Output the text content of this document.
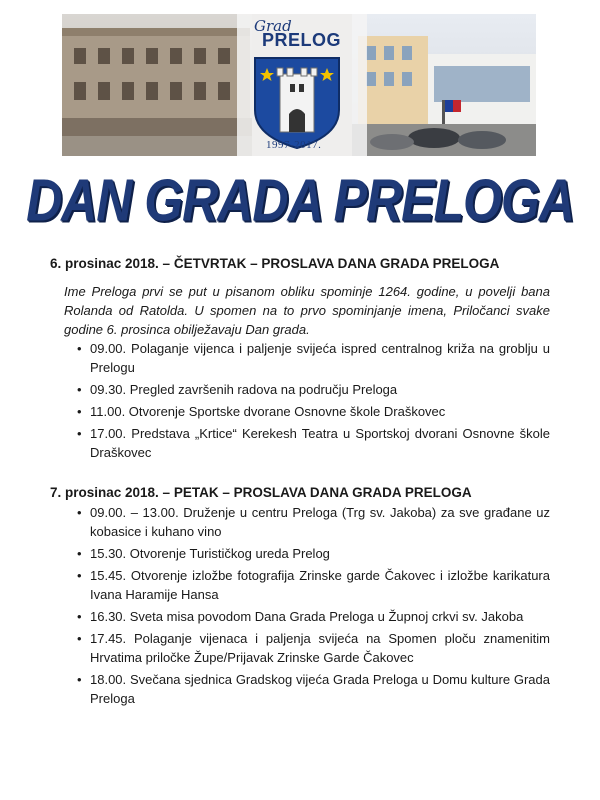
Grad
PRELOG
1997-2017.
DAN GRADA PRELOGA

6. prosinac 2018. – ČETVRTAK – PROSLAVA DANA GRADA PRELOGA

Ime Preloga prvi se put u pisanom obliku spominje 1264. godine, u povelji bana Rolanda od Ratolda. U spomen na to prvo spominjanje imena, Priločanci svake godine 6. prosinca obilježavaju Dan grada.

• 09.00. Polaganje vijenca i paljenje svijeća ispred centralnog križa na groblju u Prelogu
• 09.30. Pregled završenih radova na području Preloga
• 11.00. Otvorenje Sportske dvorane Osnovne škole Draškovec
• 17.00. Predstava „Krtice“ Kerekesh Teatra u Sportskoj dvorani Osnovne škole Draškovec

7. prosinac 2018. – PETAK – PROSLAVA DANA GRADA PRELOGA

• 09.00. – 13.00. Druženje u centru Preloga (Trg sv. Jakoba) za sve građane uz kobasice i kuhano vino
• 15.30. Otvorenje Turističkog ureda Prelog
• 15.45. Otvorenje izložbe fotografija Zrinske garde Čakovec i izložbe karikatura Ivana Haramije Hansa
• 16.30. Sveta misa povodom Dana Grada Preloga u Župnoj crkvi sv. Jakoba
• 17.45. Polaganje vijenaca i paljenja svijeća na Spomen ploču znamenitim Hrvatima priločke Župe/Prijavak Zrinske Garde Čakovec
• 18.00. Svečana sjednica Gradskog vijeća Grada Preloga u Domu kulture Grada Preloga
